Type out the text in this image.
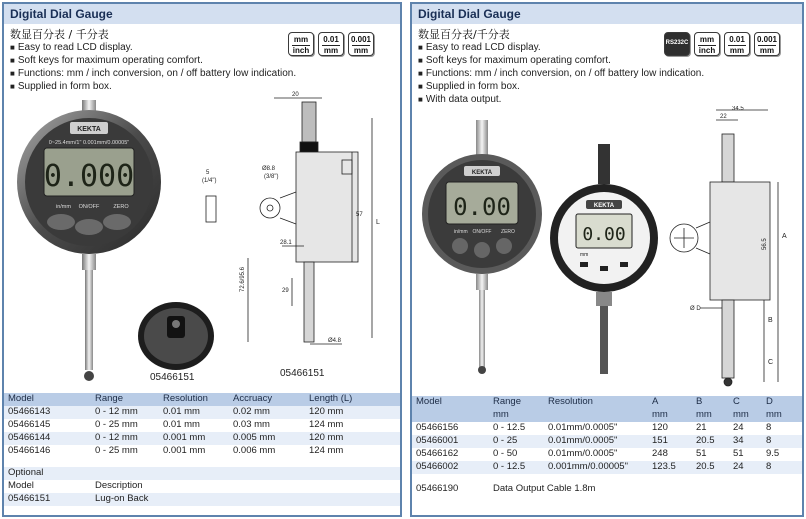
Digital Dial Gauge
数显百分表 / 千分表
■ Easy to read LCD display.
■ Soft keys for maximum operating comfort.
■ Functions: mm / inch conversion, on / off battery low indication.
■ Supplied in form box.
mm
inch
0.01
mm
0.001
mm
KEKTA
0~25.4mm/1" 0.001mm/0.00005"
0.000
in/mm ON/OFF	ZERO
05466151
20
5
(1/4")
Ø8.8
(3/8")
57
L
28.1
29
72.6/95.6
Ø4.8
05466151
Model	Range	Resolution	Accruacy	Length (L)
05466143	0 - 12 mm	0.01 mm	0.02 mm	120 mm
05466145	0 - 25 mm	0.01 mm	0.03 mm	124 mm
05466144	0 - 12 mm	0.001 mm	0.005 mm	120 mm
05466146	0 - 25 mm	0.001 mm	0.006 mm	124 mm

Optional				
Model	Description			
05466151	Lug-on Back			
Digital Dial Gauge
数显百分表/千分表
■ Easy to read LCD display.
■ Soft keys for maximum operating comfort.
■ Functions: mm / inch conversion, on / off battery low indication.
■ Supplied in form box.
■ With data output.
RS232C	mm
inch
0.01
mm
0.001
mm
KEKTA
0.00
in/mm ON/OFF ZERO
KEKTA
0.00
mm
22
34.5
A
56.5
B
C
Ø D
Model	Range	Resolution	A	B	C	D
	mm		mm	mm	mm	mm
05466156	0 - 12.5	0.01mm/0.0005"	120	21	24	8
05466001	0 - 25	0.01mm/0.0005"	151	20.5	34	8
05466162	0 - 50	0.01mm/0.0005"	248	51	51	9.5
05466002	0 - 12.5	0.001mm/0.00005"	123.5	20.5	24	8

05466190	Data Output Cable 1.8m					
